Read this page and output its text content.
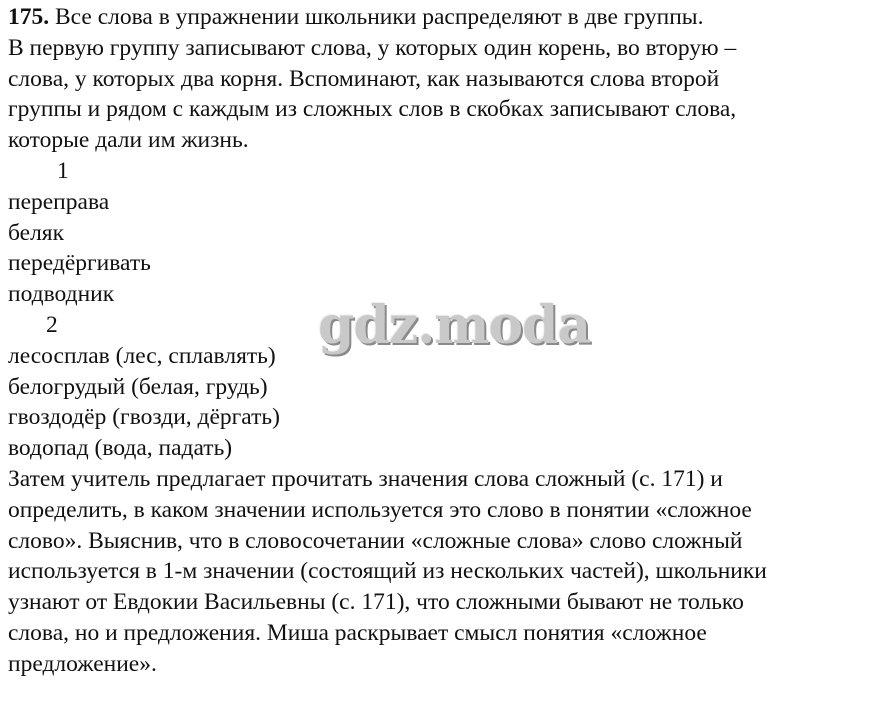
175. Все слова в упражнении школьники распределяют в две группы.
В первую группу записывают слова, у которых один корень, во вторую –
слова, у которых два корня. Вспоминают, как называются слова второй
группы и рядом с каждым из сложных слов в скобках записывают слова,
которые дали им жизнь.
1
переправа
беляк
передёргивать
подводник
2
лесосплав (лес, сплавлять)
белогрудый (белая, грудь)
гвоздодёр (гвозди, дёргать)
водопад (вода, падать)
Затем учитель предлагает прочитать значения слова сложный (с. 171) и
определить, в каком значении используется это слово в понятии «сложное
слово». Выяснив, что в словосочетании «сложные слова» слово сложный
используется в 1-м значении (состоящий из нескольких частей), школьники
узнают от Евдокии Васильевны (с. 171), что сложными бывают не только
слова, но и предложения. Миша раскрывает смысл понятия «сложное
предложение».
gdz.moda
